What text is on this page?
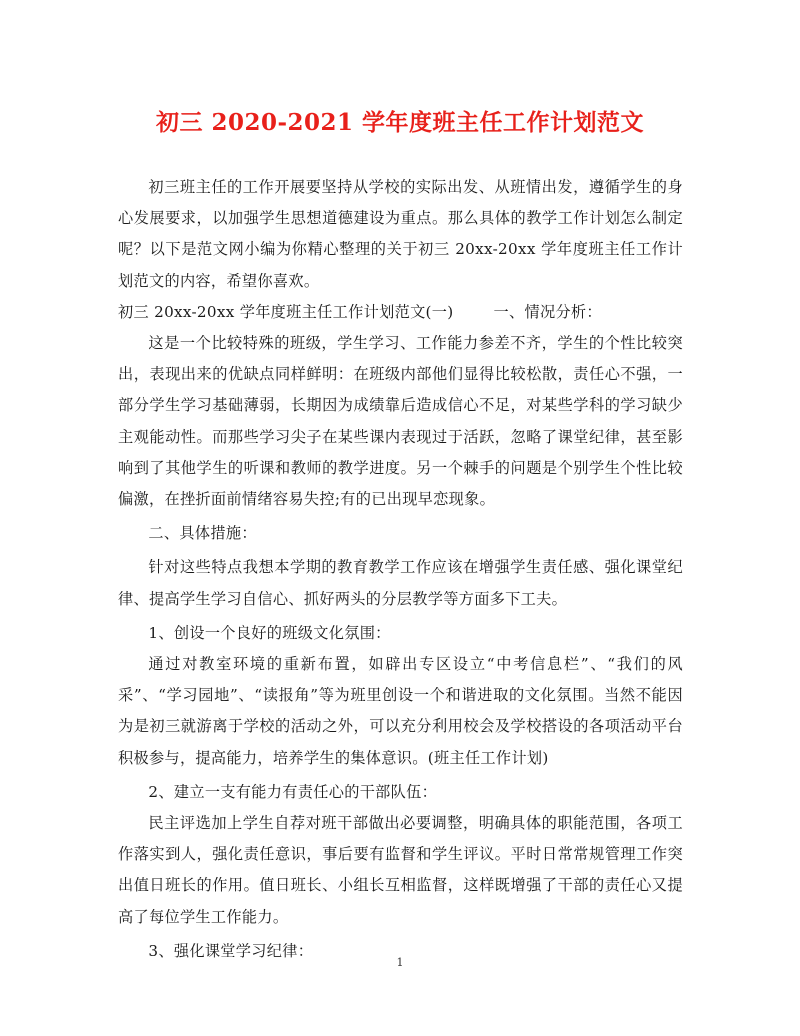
初三 2020-2021 学年度班主任工作计划范文

初三班主任的工作开展要坚持从学校的实际出发、从班情出发，遵循学生的身心发展要求，以加强学生思想道德建设为重点。那么具体的教学工作计划怎么制定呢？以下是范文网小编为你精心整理的关于初三 20xx-20xx 学年度班主任工作计划范文的内容，希望你喜欢。

初三 20xx-20xx 学年度班主任工作计划范文(一)	一、情况分析：

这是一个比较特殊的班级，学生学习、工作能力参差不齐，学生的个性比较突出，表现出来的优缺点同样鲜明：在班级内部他们显得比较松散，责任心不强，一部分学生学习基础薄弱，长期因为成绩靠后造成信心不足，对某些学科的学习缺少主观能动性。而那些学习尖子在某些课内表现过于活跃，忽略了课堂纪律，甚至影响到了其他学生的听课和教师的教学进度。另一个棘手的问题是个别学生个性比较偏激，在挫折面前情绪容易失控;有的已出现早恋现象。

二、具体措施：

针对这些特点我想本学期的教育教学工作应该在增强学生责任感、强化课堂纪律、提高学生学习自信心、抓好两头的分层教学等方面多下工夫。

1、创设一个良好的班级文化氛围：

通过对教室环境的重新布置，如辟出专区设立“中考信息栏”、“我们的风采”、“学习园地”、“读报角”等为班里创设一个和谐进取的文化氛围。当然不能因为是初三就游离于学校的活动之外，可以充分利用校会及学校搭设的各项活动平台积极参与，提高能力，培养学生的集体意识。(班主任工作计划)

2、建立一支有能力有责任心的干部队伍：

民主评选加上学生自荐对班干部做出必要调整，明确具体的职能范围，各项工作落实到人，强化责任意识，事后要有监督和学生评议。平时日常常规管理工作突出值日班长的作用。值日班长、小组长互相监督，这样既增强了干部的责任心又提高了每位学生工作能力。

3、强化课堂学习纪律：

1
